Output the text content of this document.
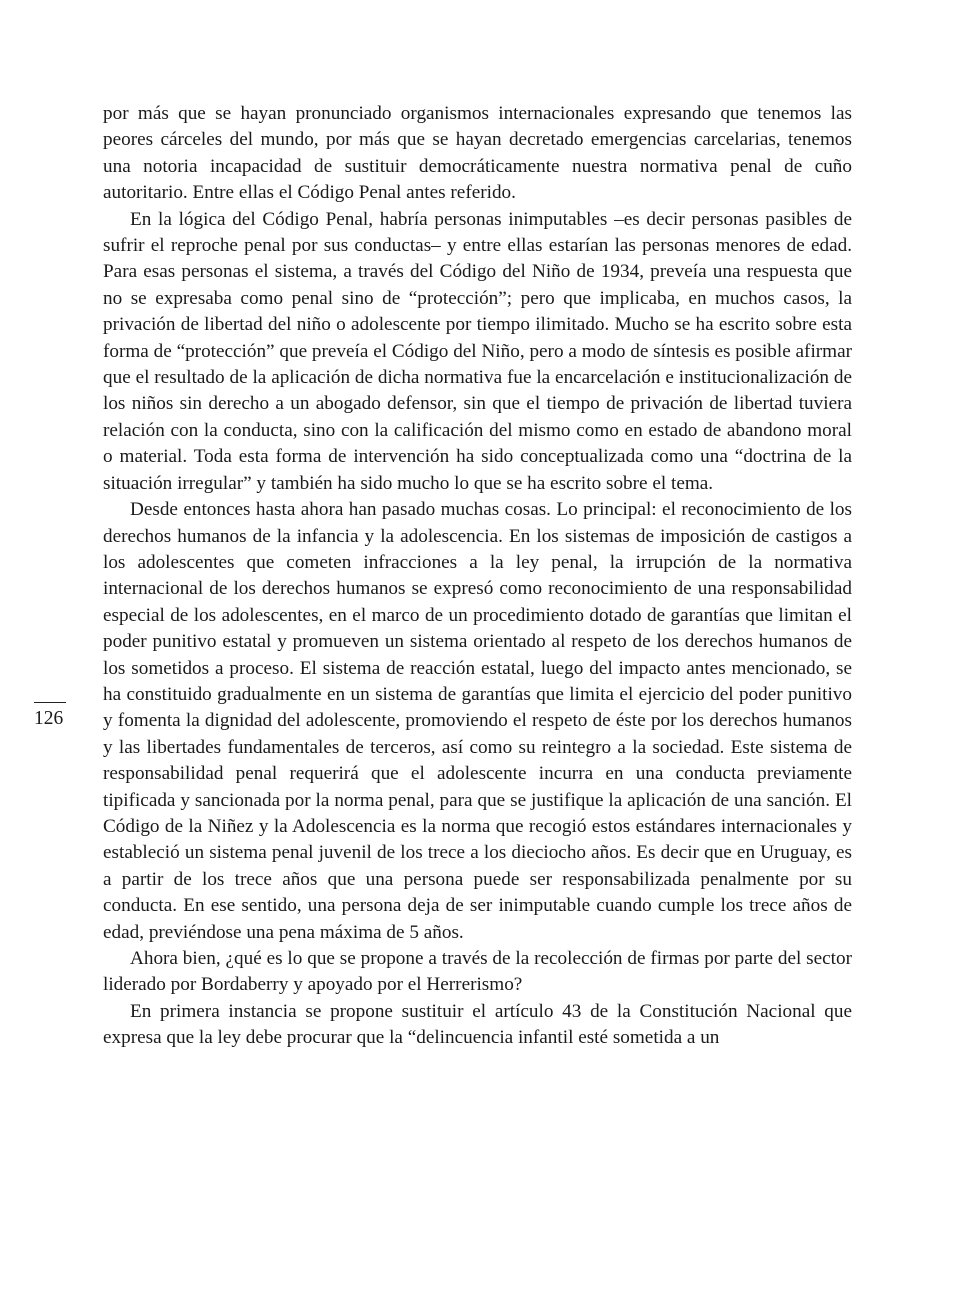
por más que se hayan pronunciado organismos internacionales expresando que tenemos las peores cárceles del mundo, por más que se hayan decretado emergencias carcelarias, tenemos una notoria incapacidad de sustituir democráticamente nuestra normativa penal de cuño autoritario. Entre ellas el Código Penal antes referido.

En la lógica del Código Penal, habría personas inimputables –es decir personas pasibles de sufrir el reproche penal por sus conductas– y entre ellas estarían las personas menores de edad. Para esas personas el sistema, a través del Código del Niño de 1934, preveía una respuesta que no se expresaba como penal sino de “protección”; pero que implicaba, en muchos casos, la privación de libertad del niño o adolescente por tiempo ilimitado. Mucho se ha escrito sobre esta forma de “protección” que preveía el Código del Niño, pero a modo de síntesis es posible afirmar que el resultado de la aplicación de dicha normativa fue la encarcelación e institucionalización de los niños sin derecho a un abogado defensor, sin que el tiempo de privación de libertad tuviera relación con la conducta, sino con la calificación del mismo como en estado de abandono moral o material. Toda esta forma de intervención ha sido conceptualizada como una “doctrina de la situación irregular” y también ha sido mucho lo que se ha escrito sobre el tema.

Desde entonces hasta ahora han pasado muchas cosas. Lo principal: el reconocimiento de los derechos humanos de la infancia y la adolescencia. En los sistemas de imposición de castigos a los adolescentes que cometen infracciones a la ley penal, la irrupción de la normativa internacional de los derechos humanos se expresó como reconocimiento de una responsabilidad especial de los adolescentes, en el marco de un procedimiento dotado de garantías que limitan el poder punitivo estatal y promueven un sistema orientado al respeto de los derechos humanos de los sometidos a proceso. El sistema de reacción estatal, luego del impacto antes mencionado, se ha constituido gradualmente en un sistema de garantías que limita el ejercicio del poder punitivo y fomenta la dignidad del adolescente, promoviendo el respeto de éste por los derechos humanos y las libertades fundamentales de terceros, así como su reintegro a la sociedad. Este sistema de responsabilidad penal requerirá que el adolescente incurra en una conducta previamente tipificada y sancionada por la norma penal, para que se justifique la aplicación de una sanción. El Código de la Niñez y la Adolescencia es la norma que recogió estos estándares internacionales y estableció un sistema penal juvenil de los trece a los dieciocho años. Es decir que en Uruguay, es a partir de los trece años que una persona puede ser responsabilizada penalmente por su conducta. En ese sentido, una persona deja de ser inimputable cuando cumple los trece años de edad, previéndose una pena máxima de 5 años.

Ahora bien, ¿qué es lo que se propone a través de la recolección de firmas por parte del sector liderado por Bordaberry y apoyado por el Herrerismo?

En primera instancia se propone sustituir el artículo 43 de la Constitución Nacional que expresa que la ley debe procurar que la “delincuencia infantil esté sometida a un

126
